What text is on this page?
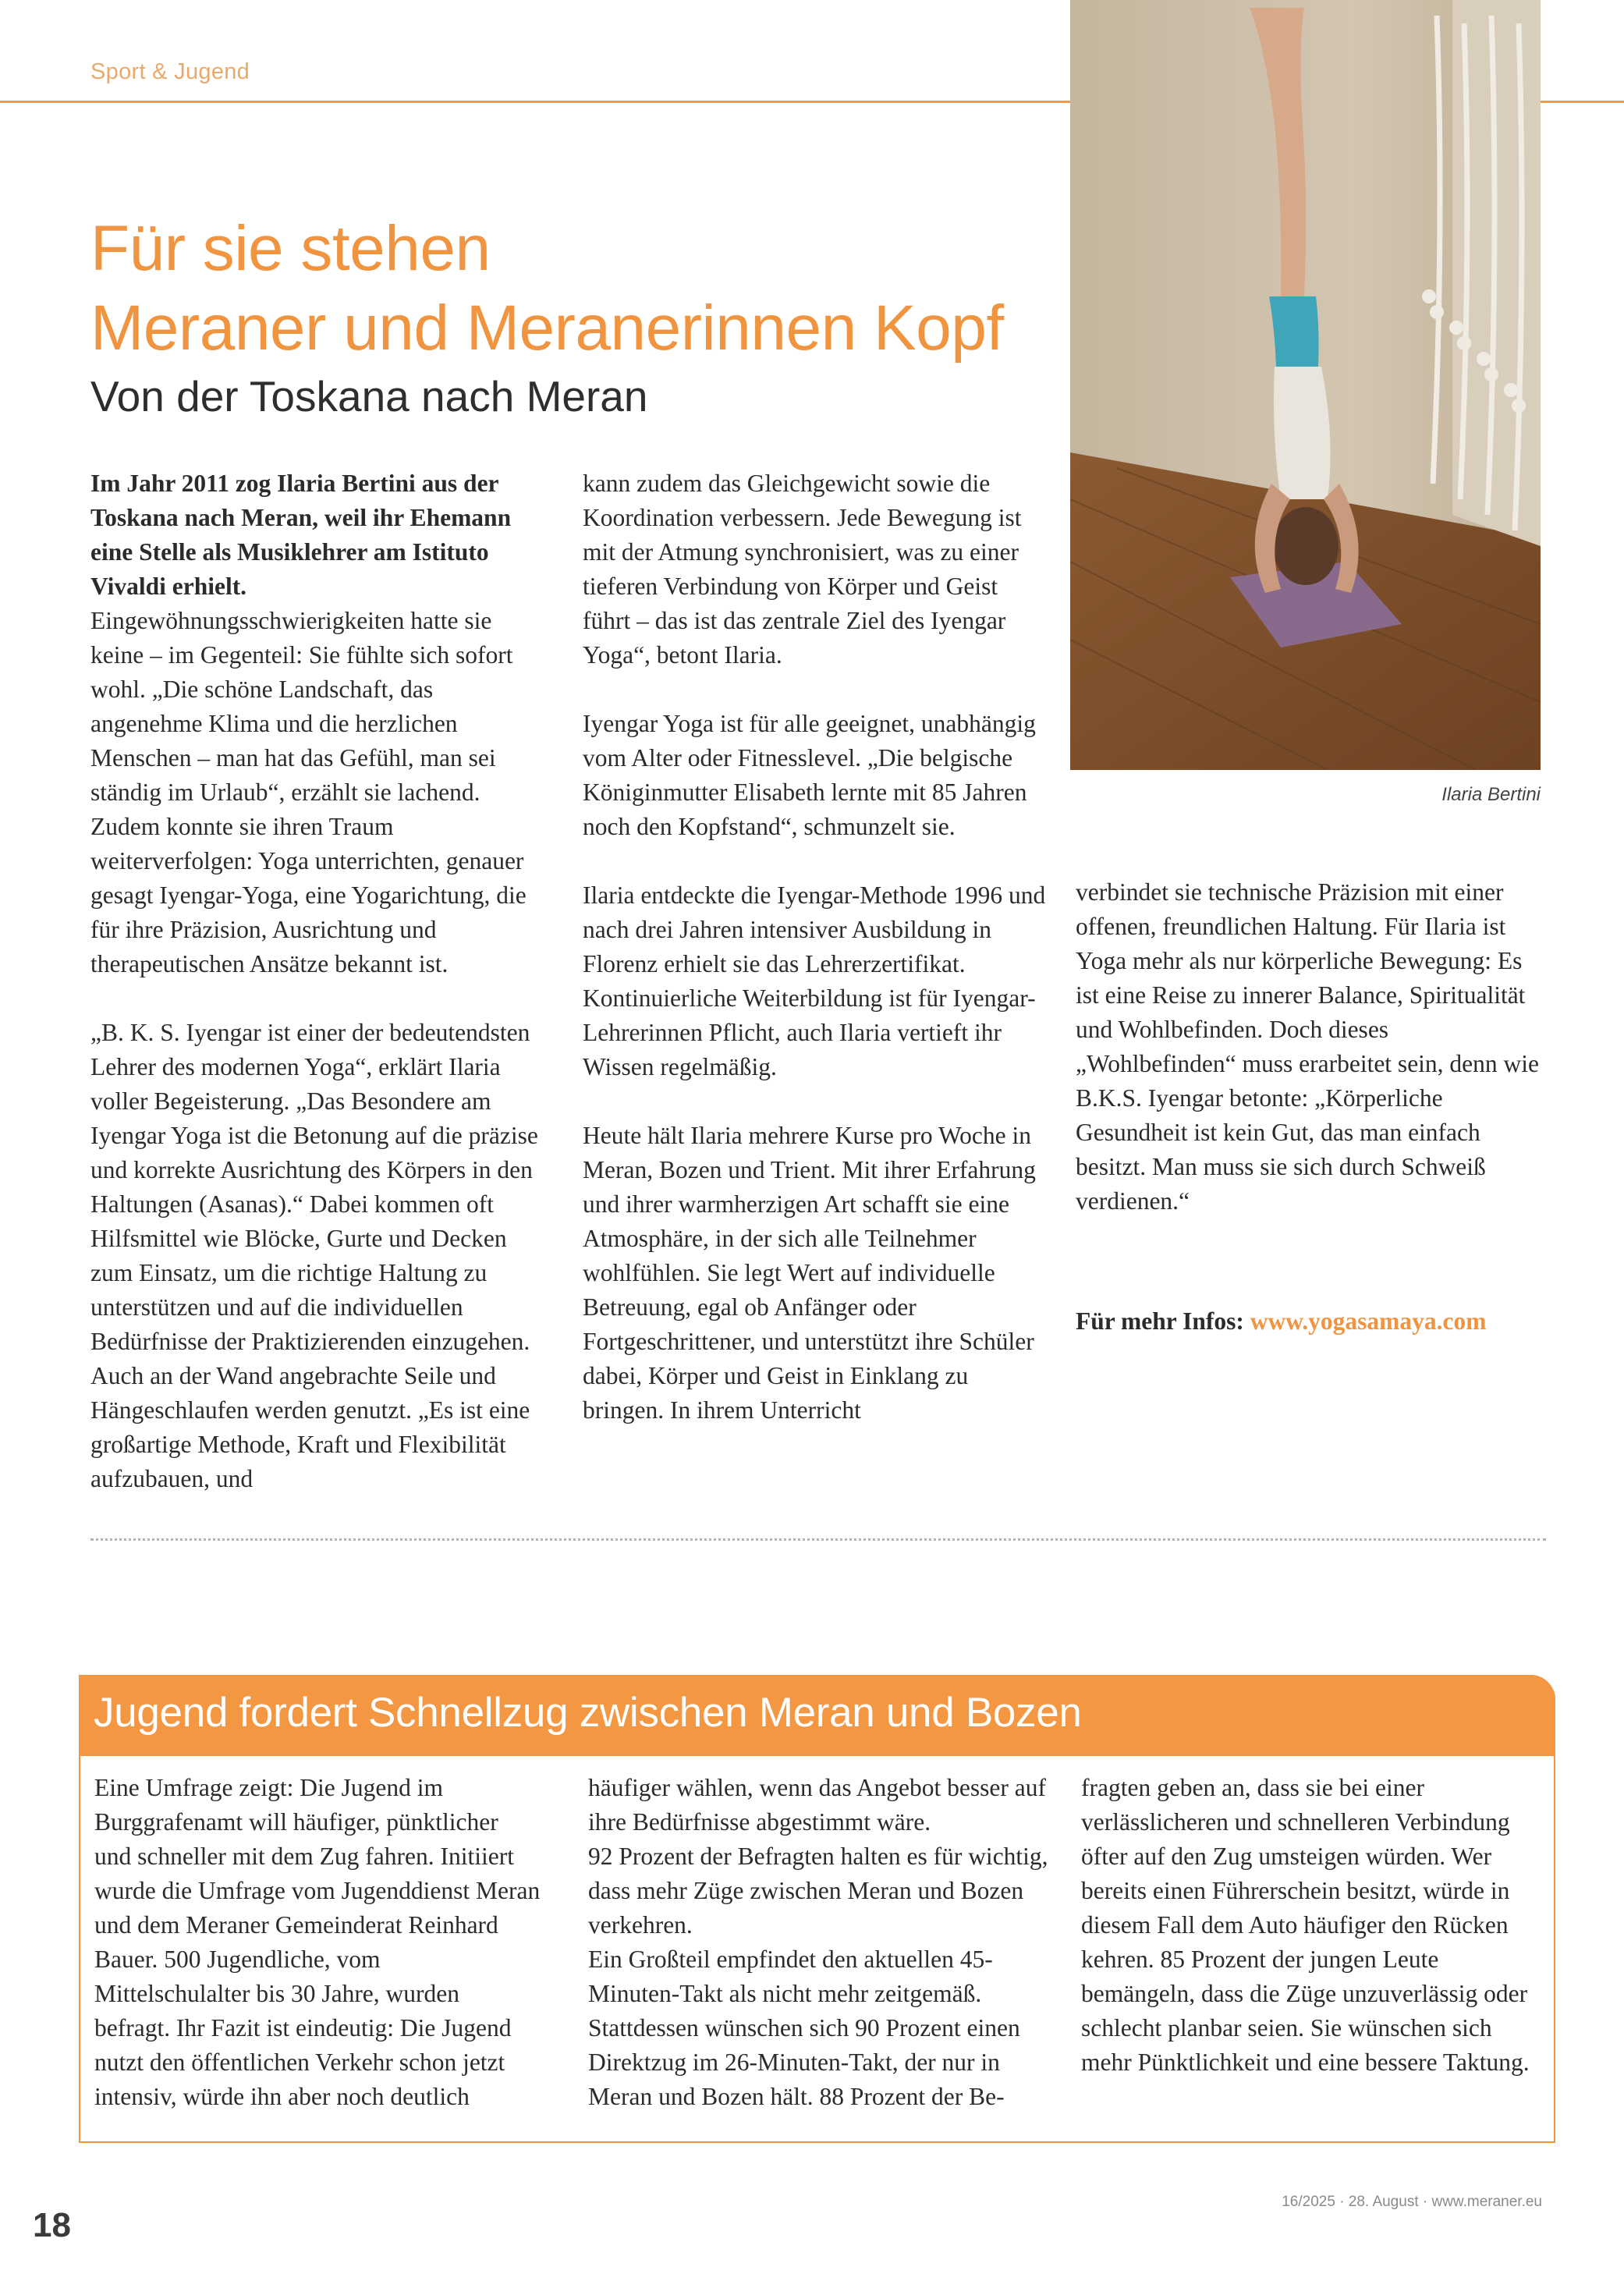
Sport & Jugend
Für sie stehen
Meraner und Meranerinnen Kopf
Von der Toskana nach Meran

Im Jahr 2011 zog Ilaria Bertini aus der Toskana nach Meran, weil ihr Ehemann eine Stelle als Musiklehrer am Istituto Vivaldi erhielt. Eingewöhnungsschwierigkeiten hatte sie keine – im Gegenteil: Sie fühlte sich sofort wohl. „Die schöne Landschaft, das angenehme Klima und die herzlichen Menschen – man hat das Gefühl, man sei ständig im Urlaub“, erzählt sie lachend. Zudem konnte sie ihren Traum weiterverfolgen: Yoga unterrichten, genauer gesagt Iyengar-Yoga, eine Yogarichtung, die für ihre Präzision, Ausrichtung und therapeutischen Ansätze bekannt ist.

„B. K. S. Iyengar ist einer der bedeutendsten Lehrer des modernen Yoga“, erklärt Ilaria voller Begeisterung. „Das Besondere am Iyengar Yoga ist die Betonung auf die präzise und korrekte Ausrichtung des Körpers in den Haltungen (Asanas).“ Dabei kommen oft Hilfsmittel wie Blöcke, Gurte und Decken zum Einsatz, um die richtige Haltung zu unterstützen und auf die individuellen Bedürfnisse der Praktizierenden einzugehen. Auch an der Wand angebrachte Seile und Hängeschlaufen werden genutzt. „Es ist eine großartige Methode, Kraft und Flexibilität aufzubauen, und

kann zudem das Gleichgewicht sowie die Koordination verbessern. Jede Bewegung ist mit der Atmung synchronisiert, was zu einer tieferen Verbindung von Körper und Geist führt – das ist das zentrale Ziel des Iyengar Yoga“, betont Ilaria.

Iyengar Yoga ist für alle geeignet, unabhängig vom Alter oder Fitnesslevel. „Die belgische Königinmutter Elisabeth lernte mit 85 Jahren noch den Kopfstand“, schmunzelt sie.

Ilaria entdeckte die Iyengar-Methode 1996 und nach drei Jahren intensiver Ausbildung in Florenz erhielt sie das Lehrerzertifikat. Kontinuierliche Weiterbildung ist für Iyengar-Lehrerinnen Pflicht, auch Ilaria vertieft ihr Wissen regelmäßig.

Heute hält Ilaria mehrere Kurse pro Woche in Meran, Bozen und Trient. Mit ihrer Erfahrung und ihrer warmherzigen Art schafft sie eine Atmosphäre, in der sich alle Teilnehmer wohlfühlen. Sie legt Wert auf individuelle Betreuung, egal ob Anfänger oder Fortgeschrittener, und unterstützt ihre Schüler dabei, Körper und Geist in Einklang zu bringen. In ihrem Unterricht

verbindet sie technische Präzision mit einer offenen, freundlichen Haltung. Für Ilaria ist Yoga mehr als nur körperliche Bewegung: Es ist eine Reise zu innerer Balance, Spiritualität und Wohlbefinden. Doch dieses „Wohlbefinden“ muss erarbeitet sein, denn wie B.K.S. Iyengar betonte: „Körperliche Gesundheit ist kein Gut, das man einfach besitzt. Man muss sie sich durch Schweiß verdienen.“

Für mehr Infos: www.yogasamaya.com

Ilaria Bertini
Jugend fordert Schnellzug zwischen Meran und Bozen

Eine Umfrage zeigt: Die Jugend im Burggrafenamt will häufiger, pünktlicher und schneller mit dem Zug fahren. Initiiert wurde die Umfrage vom Jugenddienst Meran und dem Meraner Gemeinderat Reinhard Bauer. 500 Jugendliche, vom Mittelschulalter bis 30 Jahre, wurden befragt. Ihr Fazit ist eindeutig: Die Jugend nutzt den öffentlichen Verkehr schon jetzt intensiv, würde ihn aber noch deutlich

häufiger wählen, wenn das Angebot besser auf ihre Bedürfnisse abgestimmt wäre.

92 Prozent der Befragten halten es für wichtig, dass mehr Züge zwischen Meran und Bozen verkehren.

Ein Großteil empfindet den aktuellen 45-Minuten-Takt als nicht mehr zeitgemäß. Stattdessen wünschen sich 90 Prozent einen Direktzug im 26-Minuten-Takt, der nur in Meran und Bozen hält. 88 Prozent der Be-

fragten geben an, dass sie bei einer verlässlicheren und schnelleren Verbindung öfter auf den Zug umsteigen würden. Wer bereits einen Führerschein besitzt, würde in diesem Fall dem Auto häufiger den Rücken kehren. 85 Prozent der jungen Leute bemängeln, dass die Züge unzuverlässig oder schlecht planbar seien. Sie wünschen sich mehr Pünktlichkeit und eine bessere Taktung.

18
16/2025 · 28. August · www.meraner.eu
